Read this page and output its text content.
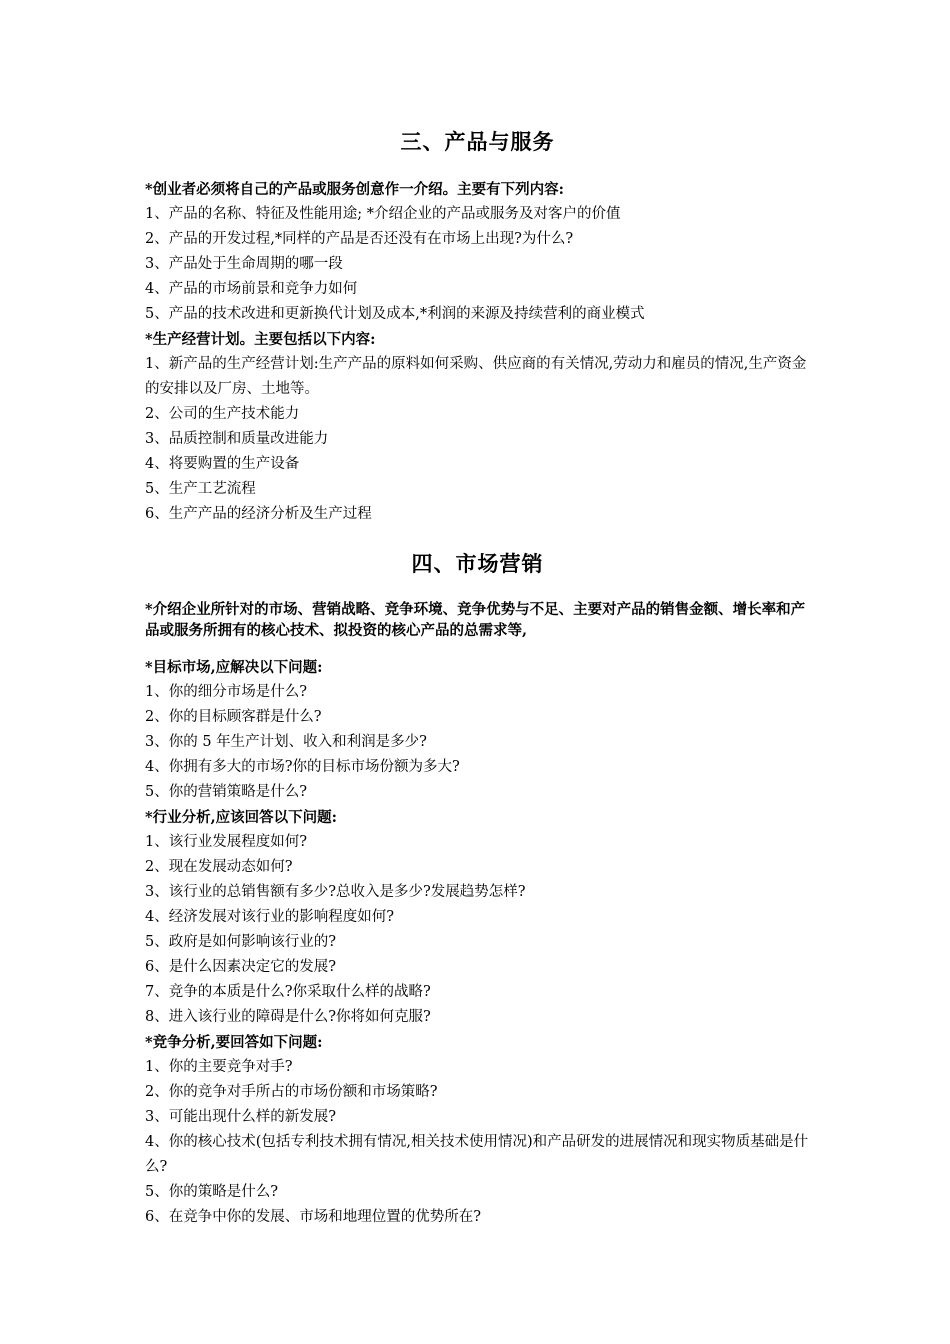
三、产品与服务

*创业者必须将自己的产品或服务创意作一介绍。主要有下列内容:

1、产品的名称、特征及性能用途; *介绍企业的产品或服务及对客户的价值

2、产品的开发过程,*同样的产品是否还没有在市场上出现?为什么?

3、产品处于生命周期的哪一段

4、产品的市场前景和竞争力如何

5、产品的技术改进和更新换代计划及成本,*利润的来源及持续营利的商业模式

*生产经营计划。主要包括以下内容:

1、新产品的生产经营计划:生产产品的原料如何采购、供应商的有关情况,劳动力和雇员的情况,生产资金的安排以及厂房、土地等。

2、公司的生产技术能力

3、品质控制和质量改进能力

4、将要购置的生产设备

5、生产工艺流程

6、生产产品的经济分析及生产过程

四、市场营销

*介绍企业所针对的市场、营销战略、竞争环境、竞争优势与不足、主要对产品的销售金额、增长率和产品或服务所拥有的核心技术、拟投资的核心产品的总需求等,

*目标市场,应解决以下问题:

1、你的细分市场是什么?

2、你的目标顾客群是什么?

3、你的 5 年生产计划、收入和利润是多少?

4、你拥有多大的市场?你的目标市场份额为多大?

5、你的营销策略是什么?

*行业分析,应该回答以下问题:

1、该行业发展程度如何?

2、现在发展动态如何?

3、该行业的总销售额有多少?总收入是多少?发展趋势怎样?

4、经济发展对该行业的影响程度如何?

5、政府是如何影响该行业的?

6、是什么因素决定它的发展?

7、竞争的本质是什么?你采取什么样的战略?

8、进入该行业的障碍是什么?你将如何克服?

*竞争分析,要回答如下问题:

1、你的主要竞争对手?

2、你的竞争对手所占的市场份额和市场策略?

3、可能出现什么样的新发展?

4、你的核心技术(包括专利技术拥有情况,相关技术使用情况)和产品研发的进展情况和现实物质基础是什么?

5、你的策略是什么?

6、在竞争中你的发展、市场和地理位置的优势所在?
